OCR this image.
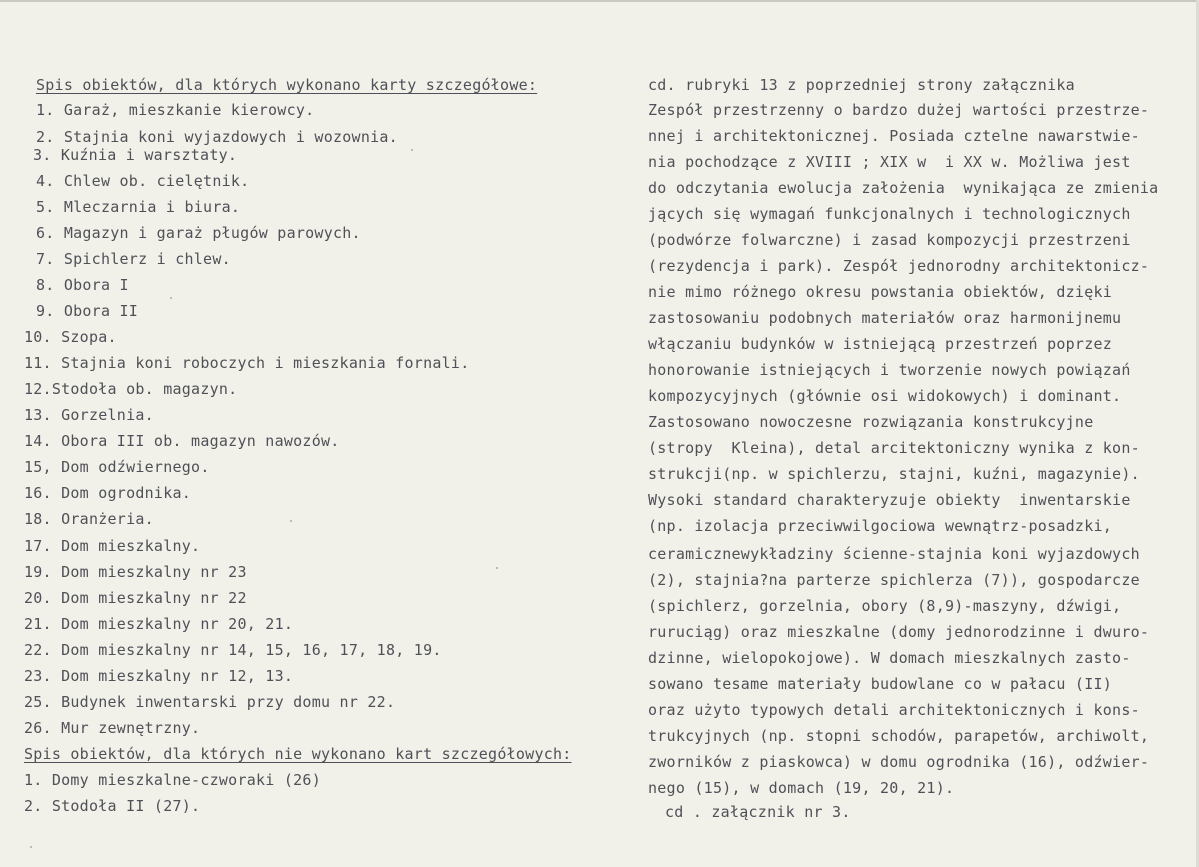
Spis obiektów, dla których wykonano karty szczegółowe:
1. Garaż, mieszkanie kierowcy.
2. Stajnia koni wyjazdowych i wozownia.
3. Kuźnia i warsztaty.
4. Chlew ob. cielętnik.
5. Mleczarnia i biura.
6. Magazyn i garaż pługów parowych.
7. Spichlerz i chlew.
8. Obora I
9. Obora II
10. Szopa.
11. Stajnia koni roboczych i mieszkania fornali.
12.Stodoła ob. magazyn.
13. Gorzelnia.
14. Obora III ob. magazyn nawozów.
15, Dom odźwiernego.
16. Dom ogrodnika.
18. Oranżeria.
17. Dom mieszkalny.
19. Dom mieszkalny nr 23
20. Dom mieszkalny nr 22
21. Dom mieszkalny nr 20, 21.
22. Dom mieszkalny nr 14, 15, 16, 17, 18, 19.
23. Dom mieszkalny nr 12, 13.
25. Budynek inwentarski przy domu nr 22.
26. Mur zewnętrzny.
Spis obiektów, dla których nie wykonano kart szczegółowych:
1. Domy mieszkalne-czworaki (26)
2. Stodoła II (27).
cd. rubryki 13 z poprzedniej strony załącznika
Zespół przestrzenny o bardzo dużej wartości przestrze-
nnej i architektonicznej. Posiada cztelne nawarstwie-
nia pochodzące z XVIII ; XIX w  i XX w. Możliwa jest
do odczytania ewolucja założenia  wynikająca ze zmienia
jących się wymagań funkcjonalnych i technologicznych
(podwórze folwarczne) i zasad kompozycji przestrzeni
(rezydencja i park). Zespół jednorodny architektonicz-
nie mimo różnego okresu powstania obiektów, dzięki
zastosowaniu podobnych materiałów oraz harmonijnemu
włączaniu budynków w istniejącą przestrzeń poprzez
honorowanie istniejących i tworzenie nowych powiązań
kompozycyjnych (głównie osi widokowych) i dominant.
Zastosowano nowoczesne rozwiązania konstrukcyjne
(stropy  Kleina), detal arcitektoniczny wynika z kon-
strukcji(np. w spichlerzu, stajni, kuźni, magazynie).
Wysoki standard charakteryzuje obiekty  inwentarskie
(np. izolacja przeciwwilgociowa wewnątrz-posadzki,
ceramicznewykładziny ścienne-stajnia koni wyjazdowych
(2), stajnia?na parterze spichlerza (7)), gospodarcze
(spichlerz, gorzelnia, obory (8,9)-maszyny, dźwigi,
ruruciąg) oraz mieszkalne (domy jednorodzinne i dwuro-
dzinne, wielopokojowe). W domach mieszkalnych zasto-
sowano tesame materiały budowlane co w pałacu (II)
oraz użyto typowych detali architektonicznych i kons-
trukcyjnych (np. stopni schodów, parapetów, archiwolt,
zworników z piaskowca) w domu ogrodnika (16), odźwier-
nego (15), w domach (19, 20, 21).
cd . załącznik nr 3.
